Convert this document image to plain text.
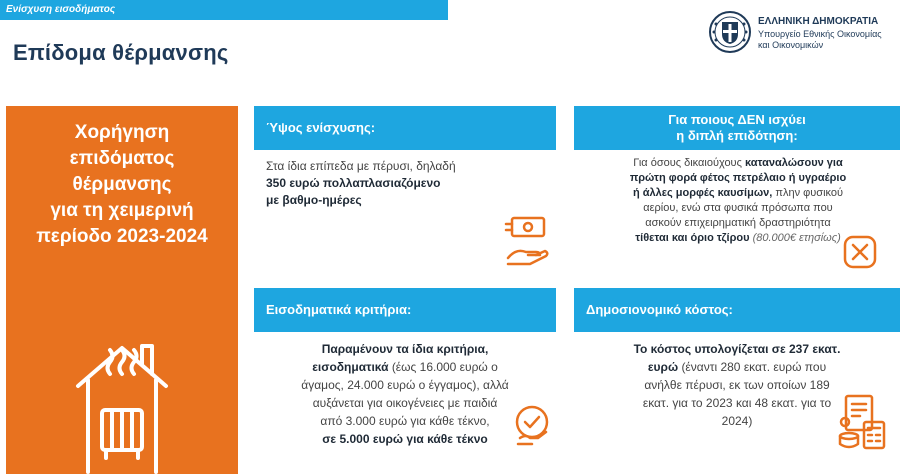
Ενίσχυση εισοδήματος
Επίδομα θέρμανσης
ΕΛΛΗΝΙΚΗ ΔΗΜΟΚΡΑΤΙΑ
Υπουργείο Εθνικής Οικονομίας
και Οικονομικών
Χορήγηση
επιδόματος
θέρμανσης
για τη χειμερινή
περίοδο 2023-2024
Ύψος ενίσχυσης:
Στα ίδια επίπεδα με πέρυσι, δηλαδή
350 ευρώ πολλαπλασιαζόμενο
με βαθμο-ημέρες
Για ποιους ΔΕΝ ισχύει
η διπλή επιδότηση:
Για όσους δικαιούχους καταναλώσουν για
πρώτη φορά φέτος πετρέλαιο ή υγραέριο
ή άλλες μορφές καυσίμων, πλην φυσικού
αερίου, ενώ στα φυσικά πρόσωπα που
ασκούν επιχειρηματική δραστηριότητα
τίθεται και όριο τζίρου (80.000€ ετησίως)
Εισοδηματικά κριτήρια:
Παραμένουν τα ίδια κριτήρια,
εισοδηματικά (έως 16.000 ευρώ ο
άγαμος, 24.000 ευρώ ο έγγαμος), αλλά
αυξάνεται για οικογένειες με παιδιά
από 3.000 ευρώ για κάθε τέκνο,
σε 5.000 ευρώ για κάθε τέκνο
Δημοσιονομικό κόστος:
Το κόστος υπολογίζεται σε 237 εκατ.
ευρώ (έναντι 280 εκατ. ευρώ που
ανήλθε πέρυσι, εκ των οποίων 189
εκατ. για το 2023 και 48 εκατ. για το
2024)
